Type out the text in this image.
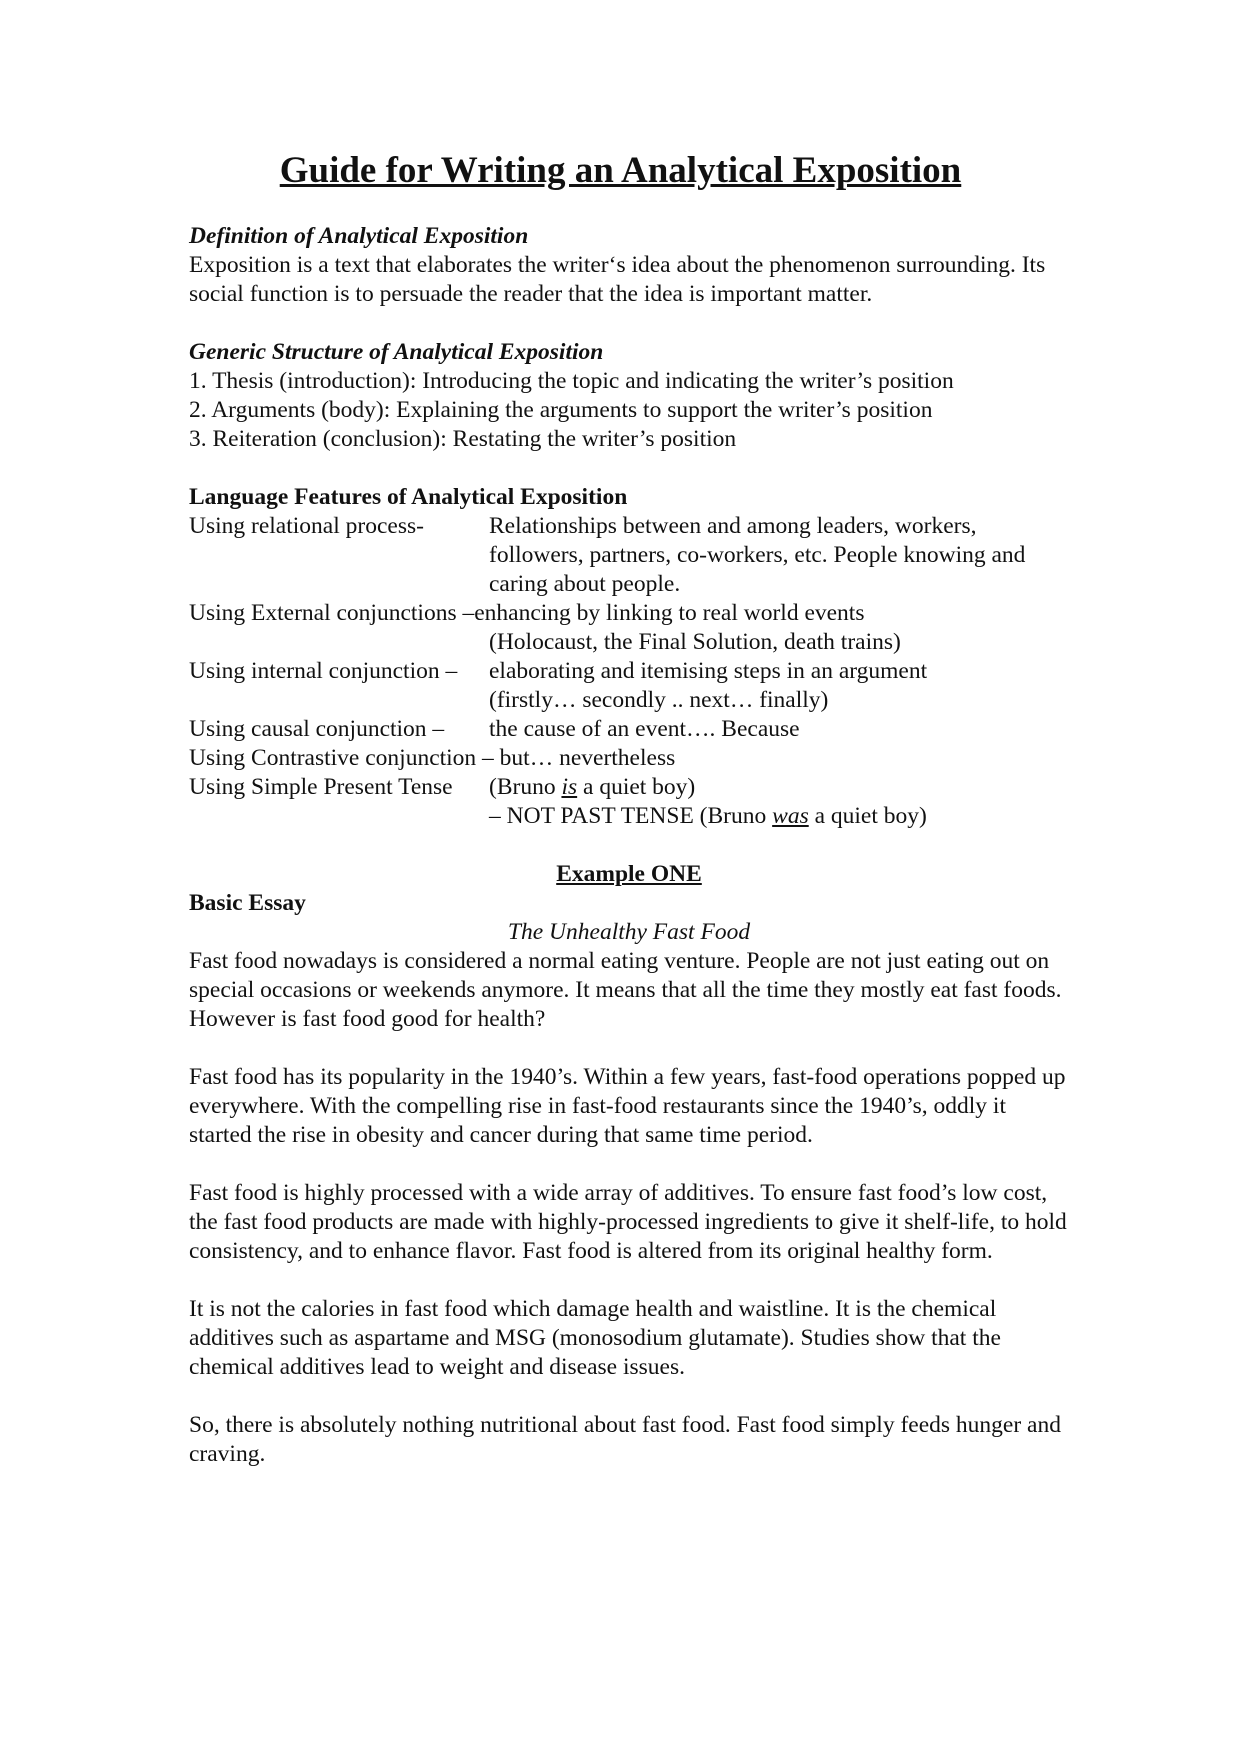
Guide for Writing an Analytical Exposition

Definition of Analytical Exposition

Exposition is a text that elaborates the writer‘s idea about the phenomenon surrounding. Its social function is to persuade the reader that the idea is important matter.

Generic Structure of Analytical Exposition

1. Thesis (introduction): Introducing the topic and indicating the writer’s position

2. Arguments (body): Explaining the arguments to support the writer’s position

3. Reiteration (conclusion): Restating the writer’s position

Language Features of Analytical Exposition

Using relational process-	Relationships between and among leaders, workers, followers, partners, co-workers, etc. People knowing and caring about people.
Using External conjunctions –enhancing by linking to real world events
(Holocaust, the Final Solution, death trains)
Using internal conjunction –	elaborating and itemising steps in an argument
(firstly… secondly .. next… finally)
Using causal conjunction –	the cause of an event…. Because
Using Contrastive conjunction – but… nevertheless
Using Simple Present Tense	(Bruno is a quiet boy)
– NOT PAST TENSE (Bruno was a quiet boy)

Example ONE

Basic Essay

The Unhealthy Fast Food

Fast food nowadays is considered a normal eating venture. People are not just eating out on special occasions or weekends anymore. It means that all the time they mostly eat fast foods. However is fast food good for health?

Fast food has its popularity in the 1940’s. Within a few years, fast-food operations popped up everywhere. With the compelling rise in fast-food restaurants since the 1940’s, oddly it started the rise in obesity and cancer during that same time period.

Fast food is highly processed with a wide array of additives. To ensure fast food’s low cost, the fast food products are made with highly-processed ingredients to give it shelf-life, to hold consistency, and to enhance flavor. Fast food is altered from its original healthy form.

It is not the calories in fast food which damage health and waistline. It is the chemical additives such as aspartame and MSG (monosodium glutamate). Studies show that the chemical additives lead to weight and disease issues.

So, there is absolutely nothing nutritional about fast food. Fast food simply feeds hunger and craving.
